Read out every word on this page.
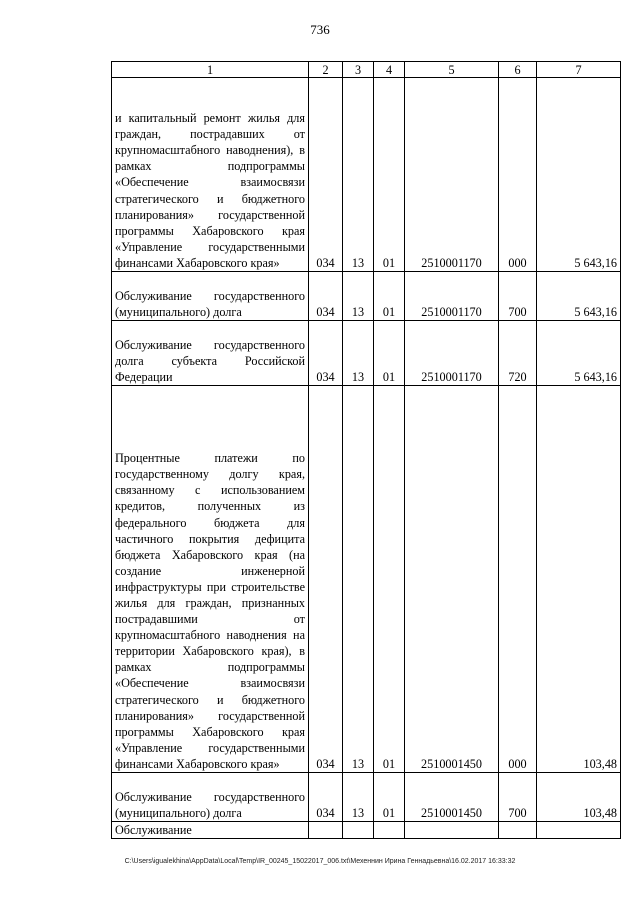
736
1	2	3	4	5	6	7
и капитальный ремонт жилья для граждан, пострадавших от крупномасштабного наводнения), в рамках подпрограммы «Обеспечение взаимосвязи стратегического и бюджетного планирования» государственной программы Хабаровского края «Управление государственными финансами Хабаровского края»	034	13	01	2510001170	000	5 643,16
Обслуживание государственного (муниципального) долга	034	13	01	2510001170	700	5 643,16
Обслуживание государственного долга субъекта Российской Федерации	034	13	01	2510001170	720	5 643,16
Процентные платежи по государственному долгу края, связанному с использованием кредитов, полученных из федерального бюджета для частичного покрытия дефицита бюджета Хабаровского края (на создание инженерной инфраструктуры при строительстве жилья для граждан, признанных пострадавшими от крупномасштабного наводнения на территории Хабаровского края), в рамках подпрограммы «Обеспечение взаимосвязи стратегического и бюджетного планирования» государственной программы Хабаровского края «Управление государственными финансами Хабаровского края»	034	13	01	2510001450	000	103,48
Обслуживание государственного (муниципального) долга	034	13	01	2510001450	700	103,48
Обслуживание						
C:\Users\igualekhina\AppData\Local\Temp\IR_00245_15022017_006.txt\Мехеннин Ирина Геннадьевна\16.02.2017 16:33:32
